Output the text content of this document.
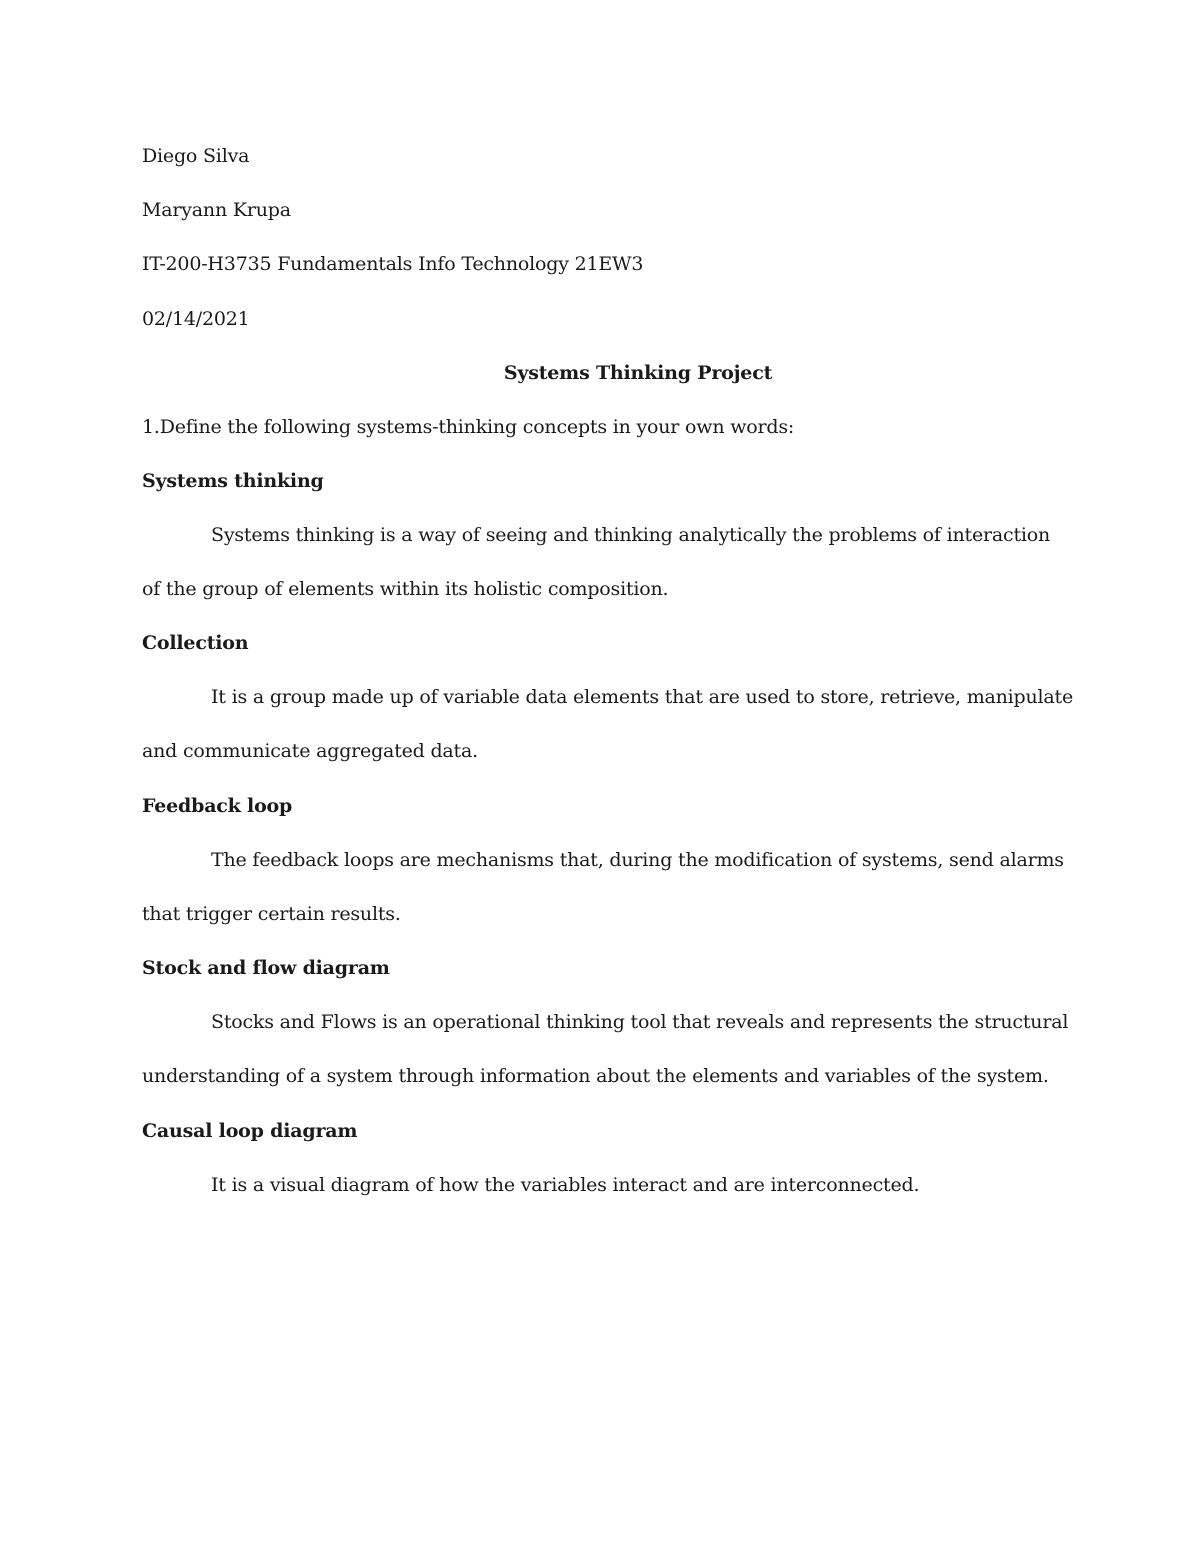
Diego Silva
Maryann Krupa
IT-200-H3735 Fundamentals Info Technology 21EW3
02/14/2021
Systems Thinking Project
1.Define the following systems-thinking concepts in your own words:
Systems thinking
Systems thinking is a way of seeing and thinking analytically the problems of interaction
of the group of elements within its holistic composition.
Collection
It is a group made up of variable data elements that are used to store, retrieve, manipulate
and communicate aggregated data.
Feedback loop
The feedback loops are mechanisms that, during the modification of systems, send alarms
that trigger certain results.
Stock and flow diagram
Stocks and Flows is an operational thinking tool that reveals and represents the structural
understanding of a system through information about the elements and variables of the system.
Causal loop diagram
It is a visual diagram of how the variables interact and are interconnected.
